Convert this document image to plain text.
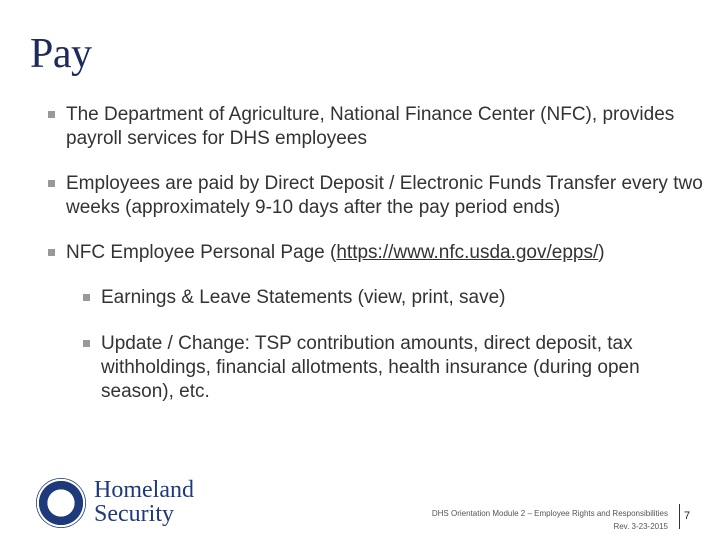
Pay
The Department of Agriculture, National Finance Center (NFC), provides payroll services for DHS employees
Employees are paid by Direct Deposit / Electronic Funds Transfer every two weeks (approximately 9-10 days after the pay period ends)
NFC Employee Personal Page (https://www.nfc.usda.gov/epps/)
Earnings & Leave Statements (view, print, save)
Update / Change: TSP contribution amounts, direct deposit, tax withholdings, financial allotments, health insurance (during open season), etc.
Homeland
Security	DHS Orientation Module 2 – Employee Rights and Responsibilities
Rev. 3-23-2015
7
